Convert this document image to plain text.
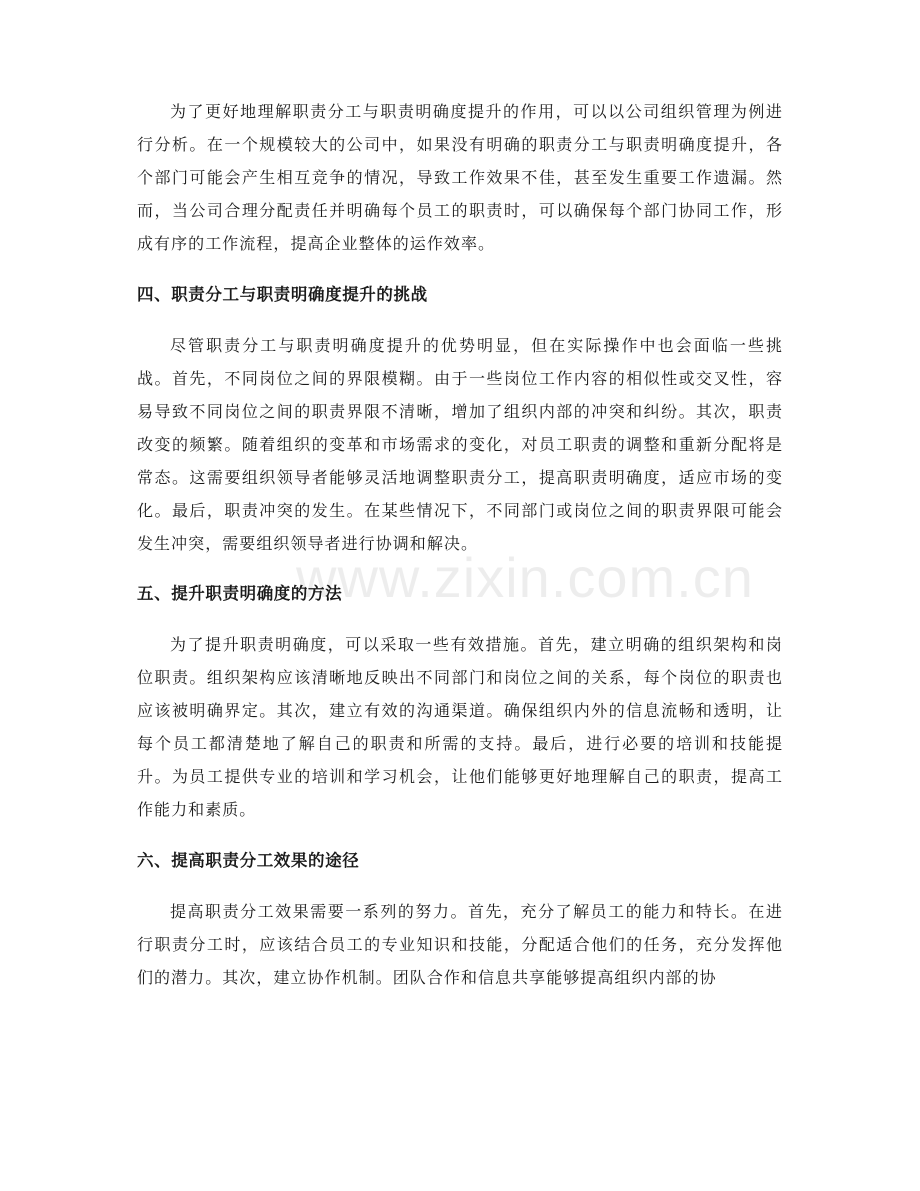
为了更好地理解职责分工与职责明确度提升的作用，可以以公司组织管理为例进行分析。在一个规模较大的公司中，如果没有明确的职责分工与职责明确度提升，各个部门可能会产生相互竞争的情况，导致工作效果不佳，甚至发生重要工作遗漏。然而，当公司合理分配责任并明确每个员工的职责时，可以确保每个部门协同工作，形成有序的工作流程，提高企业整体的运作效率。

四、职责分工与职责明确度提升的挑战

尽管职责分工与职责明确度提升的优势明显，但在实际操作中也会面临一些挑战。首先，不同岗位之间的界限模糊。由于一些岗位工作内容的相似性或交叉性，容易导致不同岗位之间的职责界限不清晰，增加了组织内部的冲突和纠纷。其次，职责改变的频繁。随着组织的变革和市场需求的变化，对员工职责的调整和重新分配将是常态。这需要组织领导者能够灵活地调整职责分工，提高职责明确度，适应市场的变化。最后，职责冲突的发生。在某些情况下，不同部门或岗位之间的职责界限可能会发生冲突，需要组织领导者进行协调和解决。

五、提升职责明确度的方法

为了提升职责明确度，可以采取一些有效措施。首先，建立明确的组织架构和岗位职责。组织架构应该清晰地反映出不同部门和岗位之间的关系，每个岗位的职责也应该被明确界定。其次，建立有效的沟通渠道。确保组织内外的信息流畅和透明，让每个员工都清楚地了解自己的职责和所需的支持。最后，进行必要的培训和技能提升。为员工提供专业的培训和学习机会，让他们能够更好地理解自己的职责，提高工作能力和素质。

六、提高职责分工效果的途径

提高职责分工效果需要一系列的努力。首先，充分了解员工的能力和特长。在进行职责分工时，应该结合员工的专业知识和技能，分配适合他们的任务，充分发挥他们的潜力。其次，建立协作机制。团队合作和信息共享能够提高组织内部的协

www.zixin.com.cn
